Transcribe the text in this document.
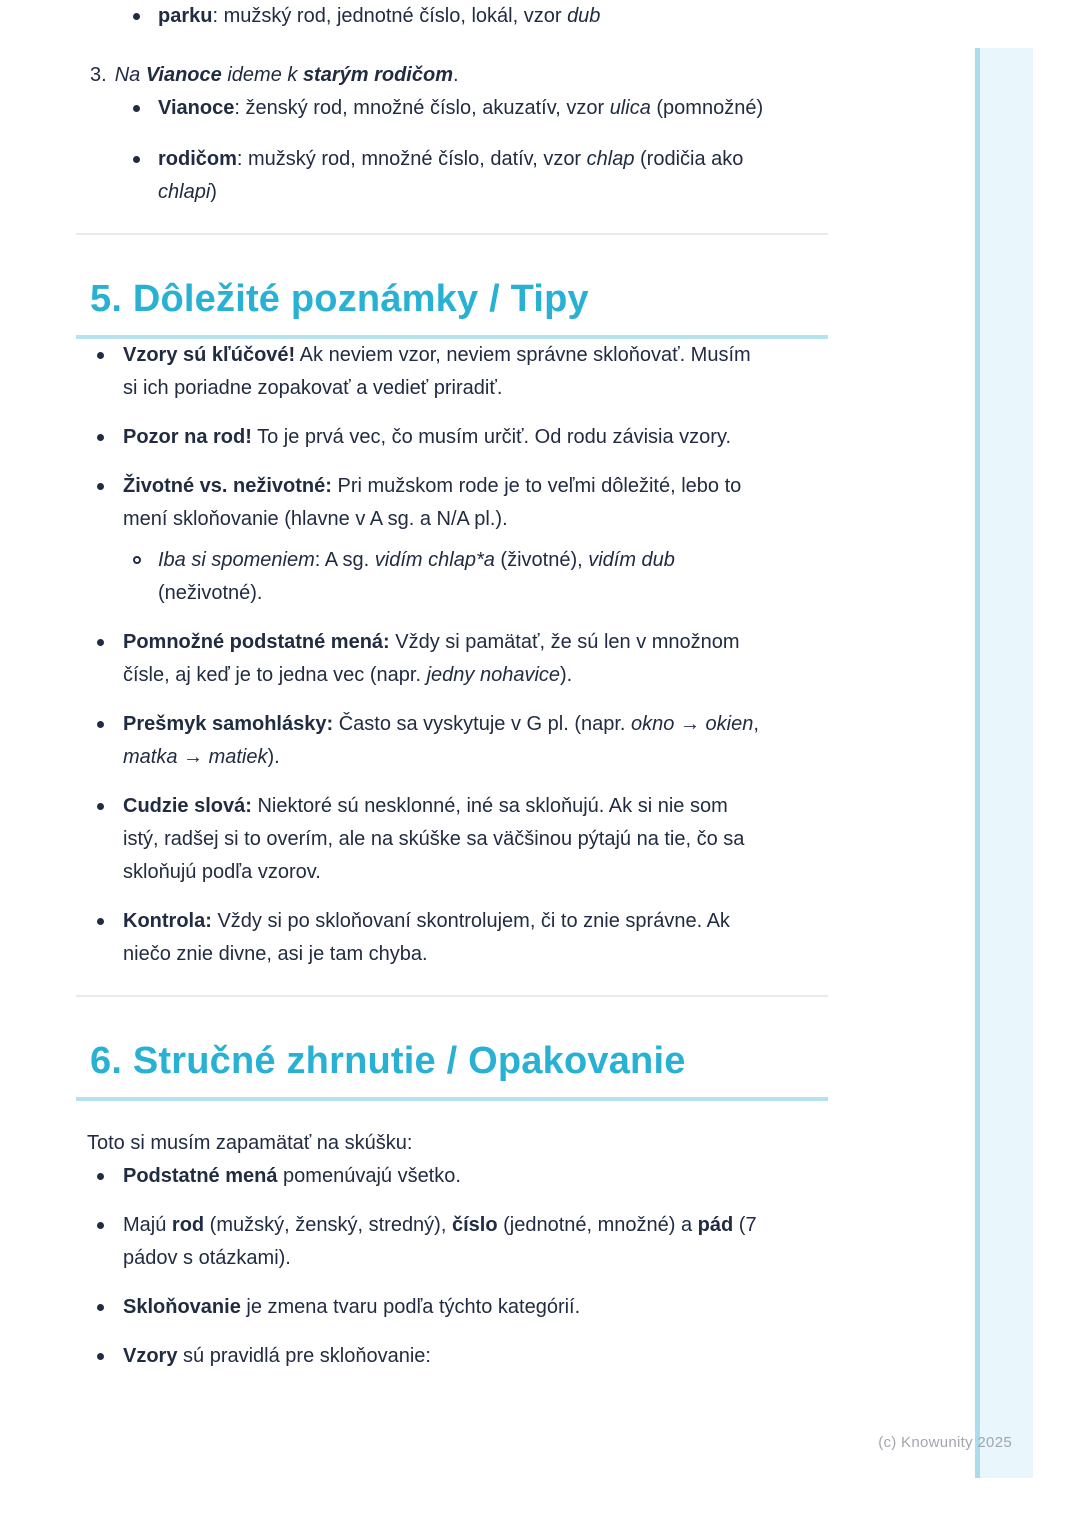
parku: mužský rod, jednotné číslo, lokál, vzor dub
3. Na Vianoce ideme k starým rodičom.
Vianoce: ženský rod, množné číslo, akuzatív, vzor ulica (pomnožné)
rodičom: mužský rod, množné číslo, datív, vzor chlap (rodičia ako chlapi)
5. Dôležité poznámky / Tipy
Vzory sú kľúčové! Ak neviem vzor, neviem správne skloňovať. Musím si ich poriadne zopakovať a vedieť priradiť.
Pozor na rod! To je prvá vec, čo musím určiť. Od rodu závisia vzory.
Životné vs. neživotné: Pri mužskom rode je to veľmi dôležité, lebo to mení skloňovanie (hlavne v A sg. a N/A pl.).
Iba si spomeniem: A sg. vidím chlap*a (životné), vidím dub (neživotné).
Pomnožné podstatné mená: Vždy si pamätať, že sú len v množnom čísle, aj keď je to jedna vec (napr. jedny nohavice).
Prešmyk samohlásky: Často sa vyskytuje v G pl. (napr. okno → okien, matka → matiek).
Cudzie slová: Niektoré sú nesklonné, iné sa skloňujú. Ak si nie som istý, radšej si to overím, ale na skúške sa väčšinou pýtajú na tie, čo sa skloňujú podľa vzorov.
Kontrola: Vždy si po skloňovaní skontrolujem, či to znie správne. Ak niečo znie divne, asi je tam chyba.
6. Stručné zhrnutie / Opakovanie

Toto si musím zapamätať na skúšku:

Podstatné mená pomenúvajú všetko.
Majú rod (mužský, ženský, stredný), číslo (jednotné, množné) a pád (7 pádov s otázkami).
Skloňovanie je zmena tvaru podľa týchto kategórií.
Vzory sú pravidlá pre skloňovanie:
(c) Knowunity 2025
